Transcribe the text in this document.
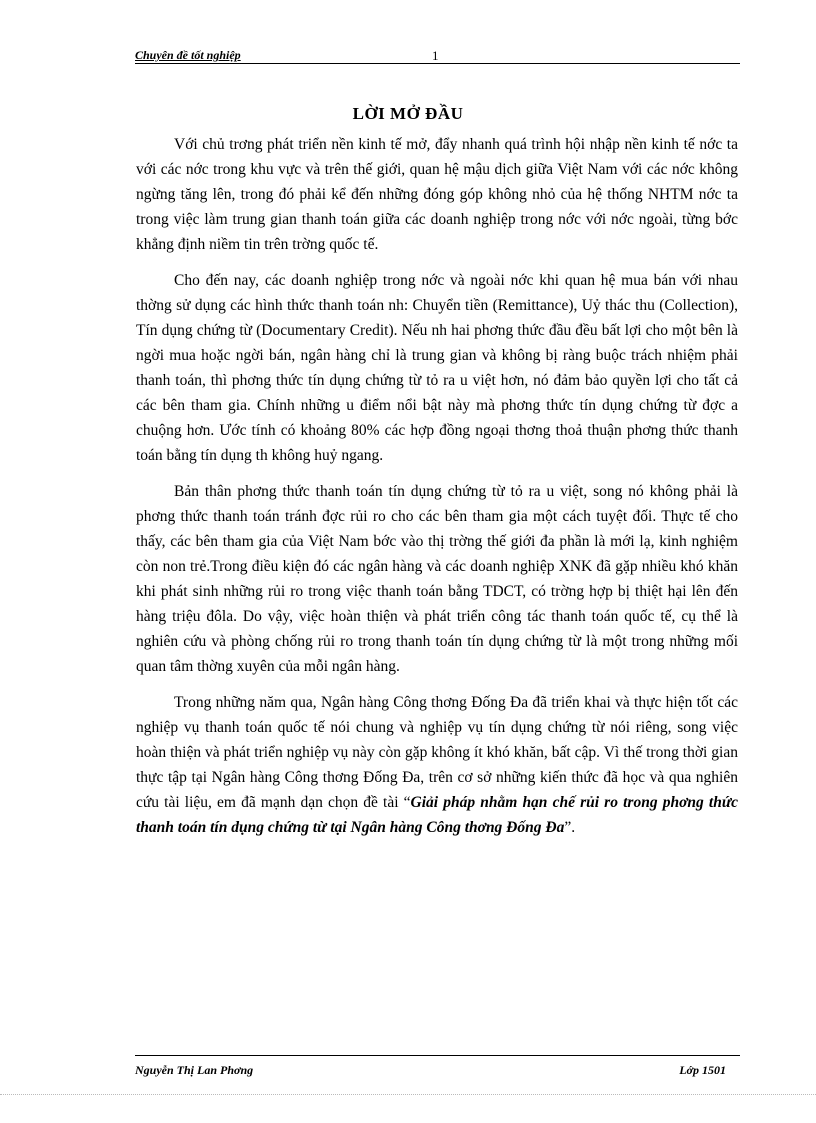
Chuyên đề tốt nghiệp	1
LỜI MỞ ĐẦU

Với chủ trơng phát triển nền kinh tế mở, đẩy nhanh quá trình hội nhập nền kinh tế nớc ta với các nớc trong khu vực và trên thế giới, quan hệ mậu dịch giữa Việt Nam với các nớc không ngừng tăng lên, trong đó phải kể đến những đóng góp không nhỏ của hệ thống NHTM nớc ta trong việc làm trung gian thanh toán giữa các doanh nghiệp trong nớc với nớc ngoài, từng bớc khẳng định niềm tin trên trờng quốc tế.

Cho đến nay, các doanh nghiệp trong nớc và ngoài nớc khi quan hệ mua bán với nhau thờng sử dụng các hình thức thanh toán nh: Chuyển tiền (Remittance), Uỷ thác thu (Collection), Tín dụng chứng từ (Documentary Credit). Nếu nh hai phơng thức đầu đều bất lợi cho một bên là ngời mua hoặc ngời bán, ngân hàng chỉ là trung gian và không bị ràng buộc trách nhiệm phải thanh toán, thì phơng thức tín dụng chứng từ tỏ ra u việt hơn, nó đảm bảo quyền lợi cho tất cả các bên tham gia. Chính những u điểm nổi bật này mà phơng thức tín dụng chứng từ đợc a chuộng hơn. Ước tính có khoảng 80% các hợp đồng ngoại thơng thoả thuận phơng thức thanh toán bằng tín dụng th không huỷ ngang.

Bản thân phơng thức thanh toán tín dụng chứng từ tỏ ra u việt, song nó không phải là phơng thức thanh toán tránh đợc rủi ro cho các bên tham gia một cách tuyệt đối. Thực tế cho thấy, các bên tham gia của Việt Nam bớc vào thị trờng thế giới đa phần là mới lạ, kinh nghiệm còn non trẻ.Trong điều kiện đó các ngân hàng và các doanh nghiệp XNK đã gặp nhiều khó khăn khi phát sinh những rủi ro trong việc thanh toán bằng TDCT, có trờng hợp bị thiệt hại lên đến hàng triệu đôla. Do vậy, việc hoàn thiện và phát triển công tác thanh toán quốc tế, cụ thể là nghiên cứu và phòng chống rủi ro trong thanh toán tín dụng chứng từ là một trong những mối quan tâm thờng xuyên của mỗi ngân hàng.

Trong những năm qua, Ngân hàng Công thơng Đống Đa đã triển khai và thực hiện tốt các nghiệp vụ thanh toán quốc tế nói chung và nghiệp vụ tín dụng chứng từ nói riêng, song việc hoàn thiện và phát triển nghiệp vụ này còn gặp không ít khó khăn, bất cập. Vì thế trong thời gian thực tập tại Ngân hàng Công thơng Đống Đa, trên cơ sở những kiến thức đã học và qua nghiên cứu tài liệu, em đã mạnh dạn chọn đề tài “Giải pháp nhằm hạn chế rủi ro trong phơng thức thanh toán tín dụng chứng từ tại Ngân hàng Công thơng Đống Đa”.

Nguyễn Thị Lan Phơng	Lớp 1501
